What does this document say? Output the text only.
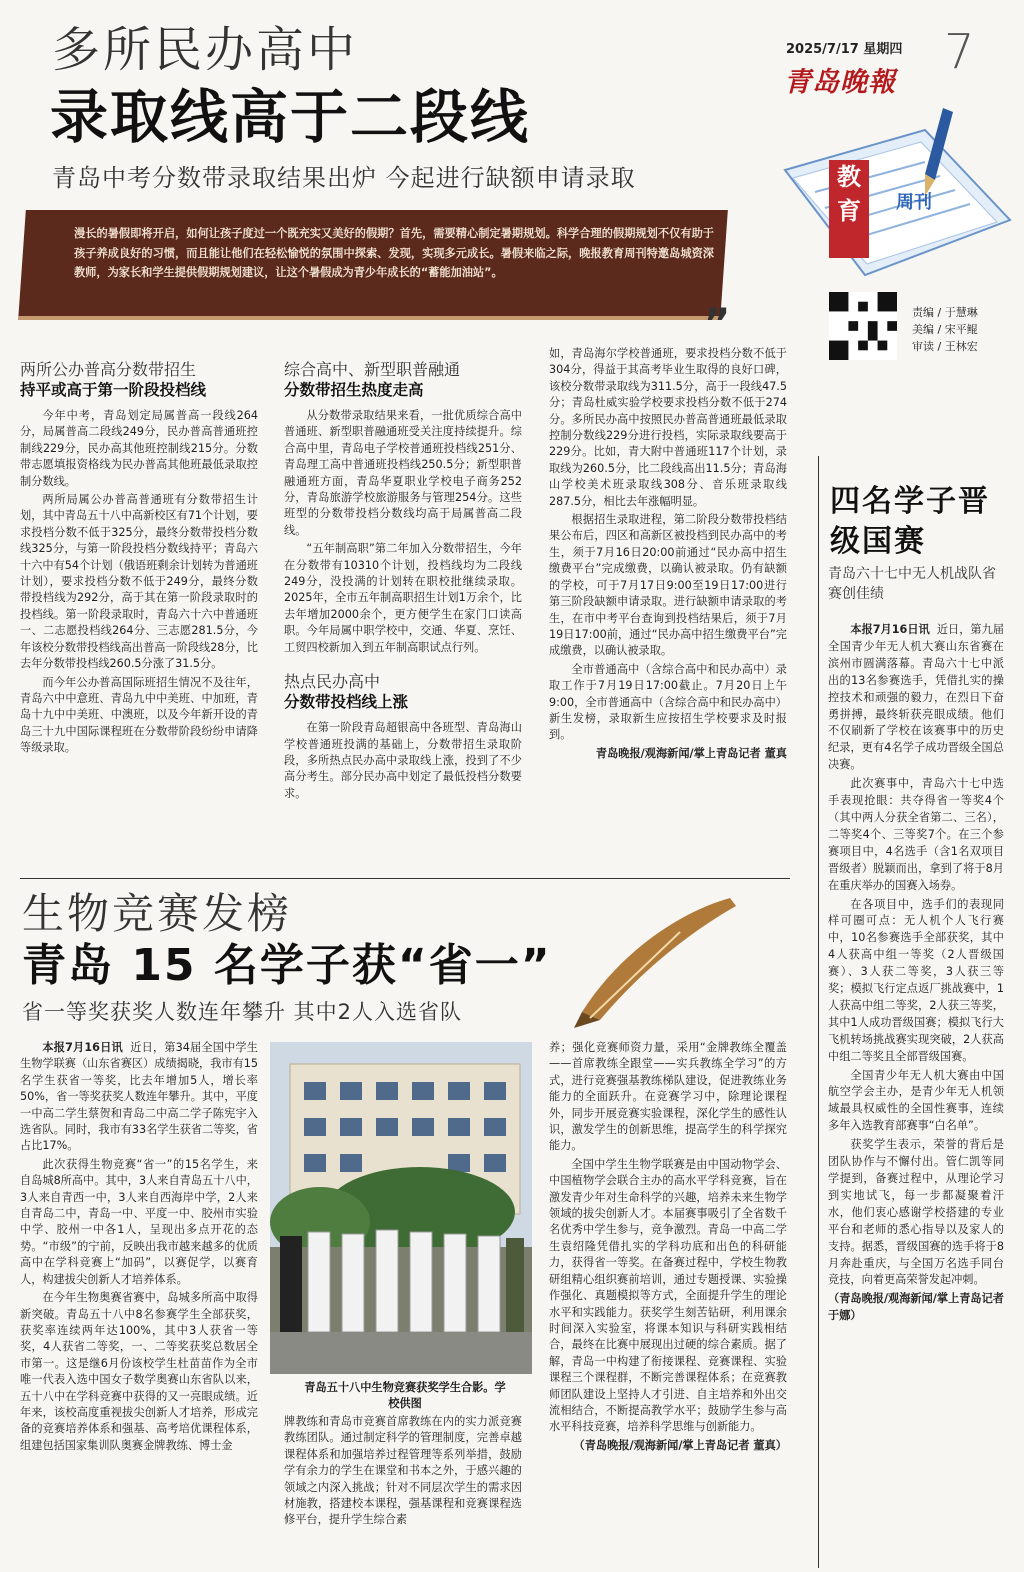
2025/7/17 星期四 7
青岛晚報
教育	周刊
责编 / 于慧琳
美编 / 宋平鲲
审读 / 王林宏
多所民办高中
录取线高于二段线
青岛中考分数带录取结果出炉 今起进行缺额申请录取
漫长的暑假即将开启，如何让孩子度过一个既充实又美好的假期？首先，需要精心制定暑期规划。科学合理的假期规划不仅有助于孩子养成良好的习惯，而且能让他们在轻松愉悦的氛围中探索、发现，实现多元成长。暑假来临之际，晚报教育周刊特邀岛城资深教师，为家长和学生提供假期规划建议，让这个暑假成为青少年成长的“蓄能加油站”。
”
两所公办普高分数带招生
持平或高于第一阶段投档线

今年中考，青岛划定局属普高一段线264分，局属普高二段线249分，民办普高普通班控制线229分，民办高其他班控制线215分。分数带志愿填报资格线为民办普高其他班最低录取控制分数线。

两所局属公办普高普通班有分数带招生计划，其中青岛五十八中高新校区有71个计划，要求投档分数不低于325分，最终分数带投档分数线325分，与第一阶段投档分数线持平；青岛六十六中有54个计划（俄语班剩余计划转为普通班计划），要求投档分数不低于249分，最终分数带投档线为292分，高于其在第一阶段录取时的投档线。第一阶段录取时，青岛六十六中普通班一、二志愿投档线264分、三志愿281.5分，今年该校分数带投档线高出普高一阶段线28分，比去年分数带投档线260.5分涨了31.5分。

而今年公办普高国际班招生情况不及往年，青岛六中中意班、青岛九中中美班、中加班，青岛十九中中美班、中澳班，以及今年新开设的青岛三十九中国际课程班在分数带阶段纷纷申请降等级录取。

综合高中、新型职普融通
分数带招生热度走高

从分数带录取结果来看，一批优质综合高中普通班、新型职普融通班受关注度持续提升。综合高中里，青岛电子学校普通班投档线251分、青岛理工高中普通班投档线250.5分；新型职普融通班方面，青岛华夏职业学校电子商务252分，青岛旅游学校旅游服务与管理254分。这些班型的分数带投档分数线均高于局属普高二段线。

“五年制高职”第二年加入分数带招生，今年在分数带有10310个计划，投档线均为二段线249分，没投满的计划转在职校批继续录取。2025年，全市五年制高职招生计划1万余个，比去年增加2000余个，更方便学生在家门口读高职。今年局属中职学校中，交通、华夏、烹饪、工贸四校新加入到五年制高职试点行列。

热点民办高中
分数带投档线上涨

在第一阶段青岛超银高中各班型、青岛海山学校普通班投满的基础上，分数带招生录取阶段，多所热点民办高中录取线上涨，投到了不少高分考生。部分民办高中划定了最低投档分数要求。

如，青岛海尔学校普通班，要求投档分数不低于304分，得益于其高考毕业生取得的良好口碑，该校分数带录取线为311.5分，高于一段线47.5分；青岛杜威实验学校要求投档分数不低于274分。多所民办高中按照民办普高普通班最低录取控制分数线229分进行投档，实际录取线要高于229分。比如，青大附中普通班117个计划，录取线为260.5分，比二段线高出11.5分；青岛海山学校美术班录取线308分、音乐班录取线287.5分，相比去年涨幅明显。

根据招生录取进程，第二阶段分数带投档结果公布后，四区和高新区被投档到民办高中的考生，须于7月16日20:00前通过“民办高中招生缴费平台”完成缴费，以确认被录取。仍有缺额的学校，可于7月17日9:00至19日17:00进行第三阶段缺额申请录取。进行缺额申请录取的考生，在市中考平台查询到投档结果后，须于7月19日17:00前，通过“民办高中招生缴费平台”完成缴费，以确认被录取。

全市普通高中（含综合高中和民办高中）录取工作于7月19日17:00截止。7月20日上午9:00，全市普通高中（含综合高中和民办高中）新生发榜，录取新生应按招生学校要求及时报到。

青岛晚报/观海新闻/掌上青岛记者 董真
生物竞赛发榜
青岛 15 名学子获“省一”
省一等奖获奖人数连年攀升 其中2人入选省队

本报7月16日讯 近日，第34届全国中学生生物学联赛（山东省赛区）成绩揭晓，我市有15名学生获省一等奖，比去年增加5人，增长率50%，省一等奖获奖人数连年攀升。其中，平度一中高二学生蔡贺和青岛二中高二学子陈宪宇入选省队。同时，我市有33名学生获省二等奖，省占比17%。

此次获得生物竞赛“省一”的15名学生，来自岛城8所高中。其中，3人来自青岛五十八中，3人来自青西一中，3人来自西海岸中学，2人来自青岛二中，青岛一中、平度一中、胶州市实验中学、胶州一中各1人，呈现出多点开花的态势。“市级”的宁前，反映出我市越来越多的优质高中在学科竞赛上“加码”，以赛促学，以赛育人，构建拔尖创新人才培养体系。

在今年生物奥赛省赛中，岛城多所高中取得新突破。青岛五十八中8名参赛学生全部获奖，获奖率连续两年达100%，其中3人获省一等奖，4人获省二等奖，一、二等奖获奖总数居全市第一。这是继6月份该校学生杜苗苗作为全市唯一代表入选中国女子数学奥赛山东省队以来，五十八中在学科竞赛中获得的又一亮眼成绩。近年来，该校高度重视拔尖创新人才培养，形成完备的竞赛培养体系和强基、高考培优课程体系，组建包括国家集训队奥赛金牌教练、博士金

青岛五十八中生物竞赛获奖学生合影。学校供图

牌教练和青岛市竞赛首席教练在内的实力派竞赛教练团队。通过制定科学的管理制度，完善卓越课程体系和加强培养过程管理等系列举措，鼓励学有余力的学生在课堂和书本之外，于感兴趣的领域之内深入挑战；针对不同层次学生的需求因材施教，搭建校本课程，强基课程和竞赛课程选修平台，提升学生综合素

养；强化竞赛师资力量，采用“金牌教练全覆盖——首席教练全跟堂——实兵教练全学习”的方式，进行竞赛强基教练梯队建设，促进教练业务能力的全面跃升。在竞赛学习中，除理论课程外，同步开展竞赛实验课程，深化学生的感性认识，激发学生的创新思维，提高学生的科学探究能力。

全国中学生生物学联赛是由中国动物学会、中国植物学会联合主办的高水平学科竞赛，旨在激发青少年对生命科学的兴趣，培养未来生物学领域的拔尖创新人才。本届赛事吸引了全省数千名优秀中学生参与，竞争激烈。青岛一中高二学生袁绍隆凭借扎实的学科功底和出色的科研能力，获得省一等奖。在备赛过程中，学校生物教研组精心组织赛前培训，通过专题授课、实验操作强化、真题模拟等方式，全面提升学生的理论水平和实践能力。获奖学生刻苦钻研，利用课余时间深入实验室，将课本知识与科研实践相结合，最终在比赛中展现出过硬的综合素质。据了解，青岛一中构建了衔接课程、竞赛课程、实验课程三个课程群，不断完善课程体系；在竞赛教师团队建设上坚持人才引进、自主培养和外出交流相结合，不断提高教学水平；鼓励学生参与高水平科技竞赛，培养科学思维与创新能力。

（青岛晚报/观海新闻/掌上青岛记者 董真）
四名学子晋级国赛
青岛六十七中无人机战队省赛创佳绩

本报7月16日讯 近日，第九届全国青少年无人机大赛山东省赛在滨州市圆满落幕。青岛六十七中派出的13名参赛选手，凭借扎实的操控技术和顽强的毅力，在烈日下奋勇拼搏，最终斩获亮眼成绩。他们不仅刷新了学校在该赛事中的历史纪录，更有4名学子成功晋级全国总决赛。

此次赛事中，青岛六十七中选手表现抢眼：共夺得省一等奖4个（其中两人分获全省第二、三名），二等奖4个、三等奖7个。在三个参赛项目中，4名选手（含1名双项目晋级者）脱颖而出，拿到了将于8月在重庆举办的国赛入场券。

在各项目中，选手们的表现同样可圈可点：无人机个人飞行赛中，10名参赛选手全部获奖，其中4人获高中组一等奖（2人晋级国赛）、3人获二等奖，3人获三等奖；模拟飞行定点返厂挑战赛中，1人获高中组二等奖，2人获三等奖，其中1人成功晋级国赛；模拟飞行大飞机转场挑战赛实现突破，2人获高中组二等奖且全部晋级国赛。

全国青少年无人机大赛由中国航空学会主办，是青少年无人机领域最具权威性的全国性赛事，连续多年入选教育部赛事“白名单”。

获奖学生表示，荣誉的背后是团队协作与不懈付出。管仁凯等同学提到，备赛过程中，从理论学习到实地试飞，每一步都凝聚着汗水，他们衷心感谢学校搭建的专业平台和老师的悉心指导以及家人的支持。据悉，晋级国赛的选手将于8月奔赴重庆，与全国万名选手同台竞技，向着更高荣誉发起冲刺。

（青岛晚报/观海新闻/掌上青岛记者 于娜）
